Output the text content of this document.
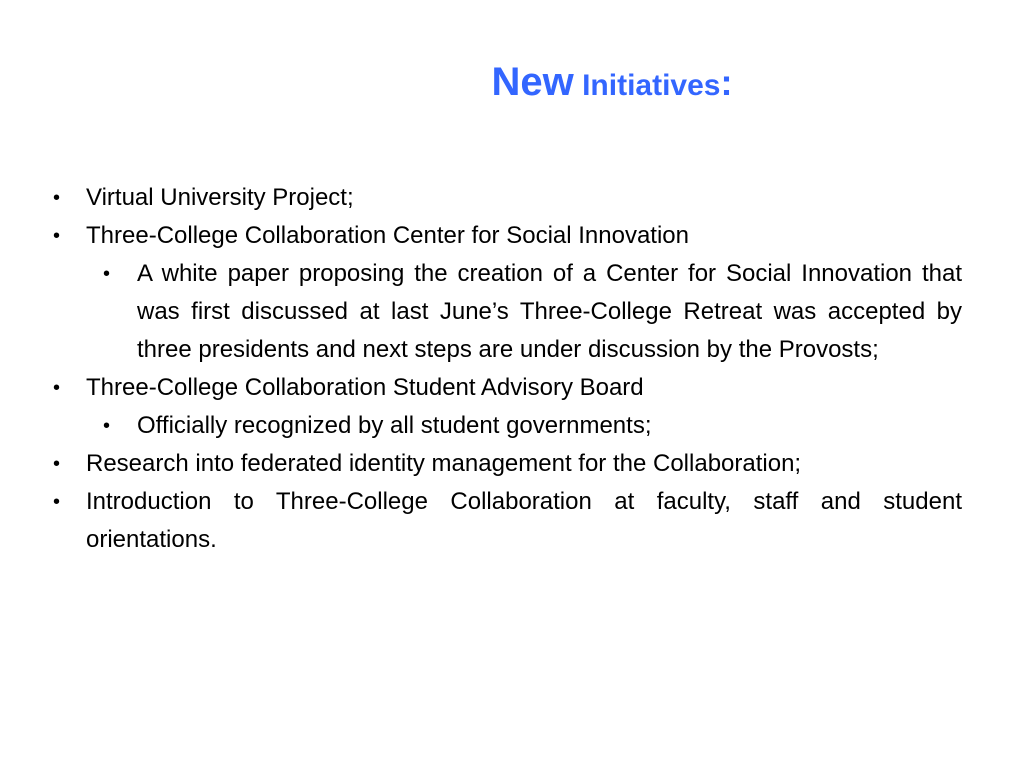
New Initiatives:
• Virtual University Project;
• Three-College Collaboration Center for Social Innovation
• A white paper proposing the creation of a Center for Social Innovation that was first discussed at last June’s Three-College Retreat was accepted by three presidents and next steps are under discussion by the Provosts;
• Three-College Collaboration Student Advisory Board
• Officially recognized by all student governments;
• Research into federated identity management for the Collaboration;
• Introduction to Three-College Collaboration at faculty, staff and student orientations.
